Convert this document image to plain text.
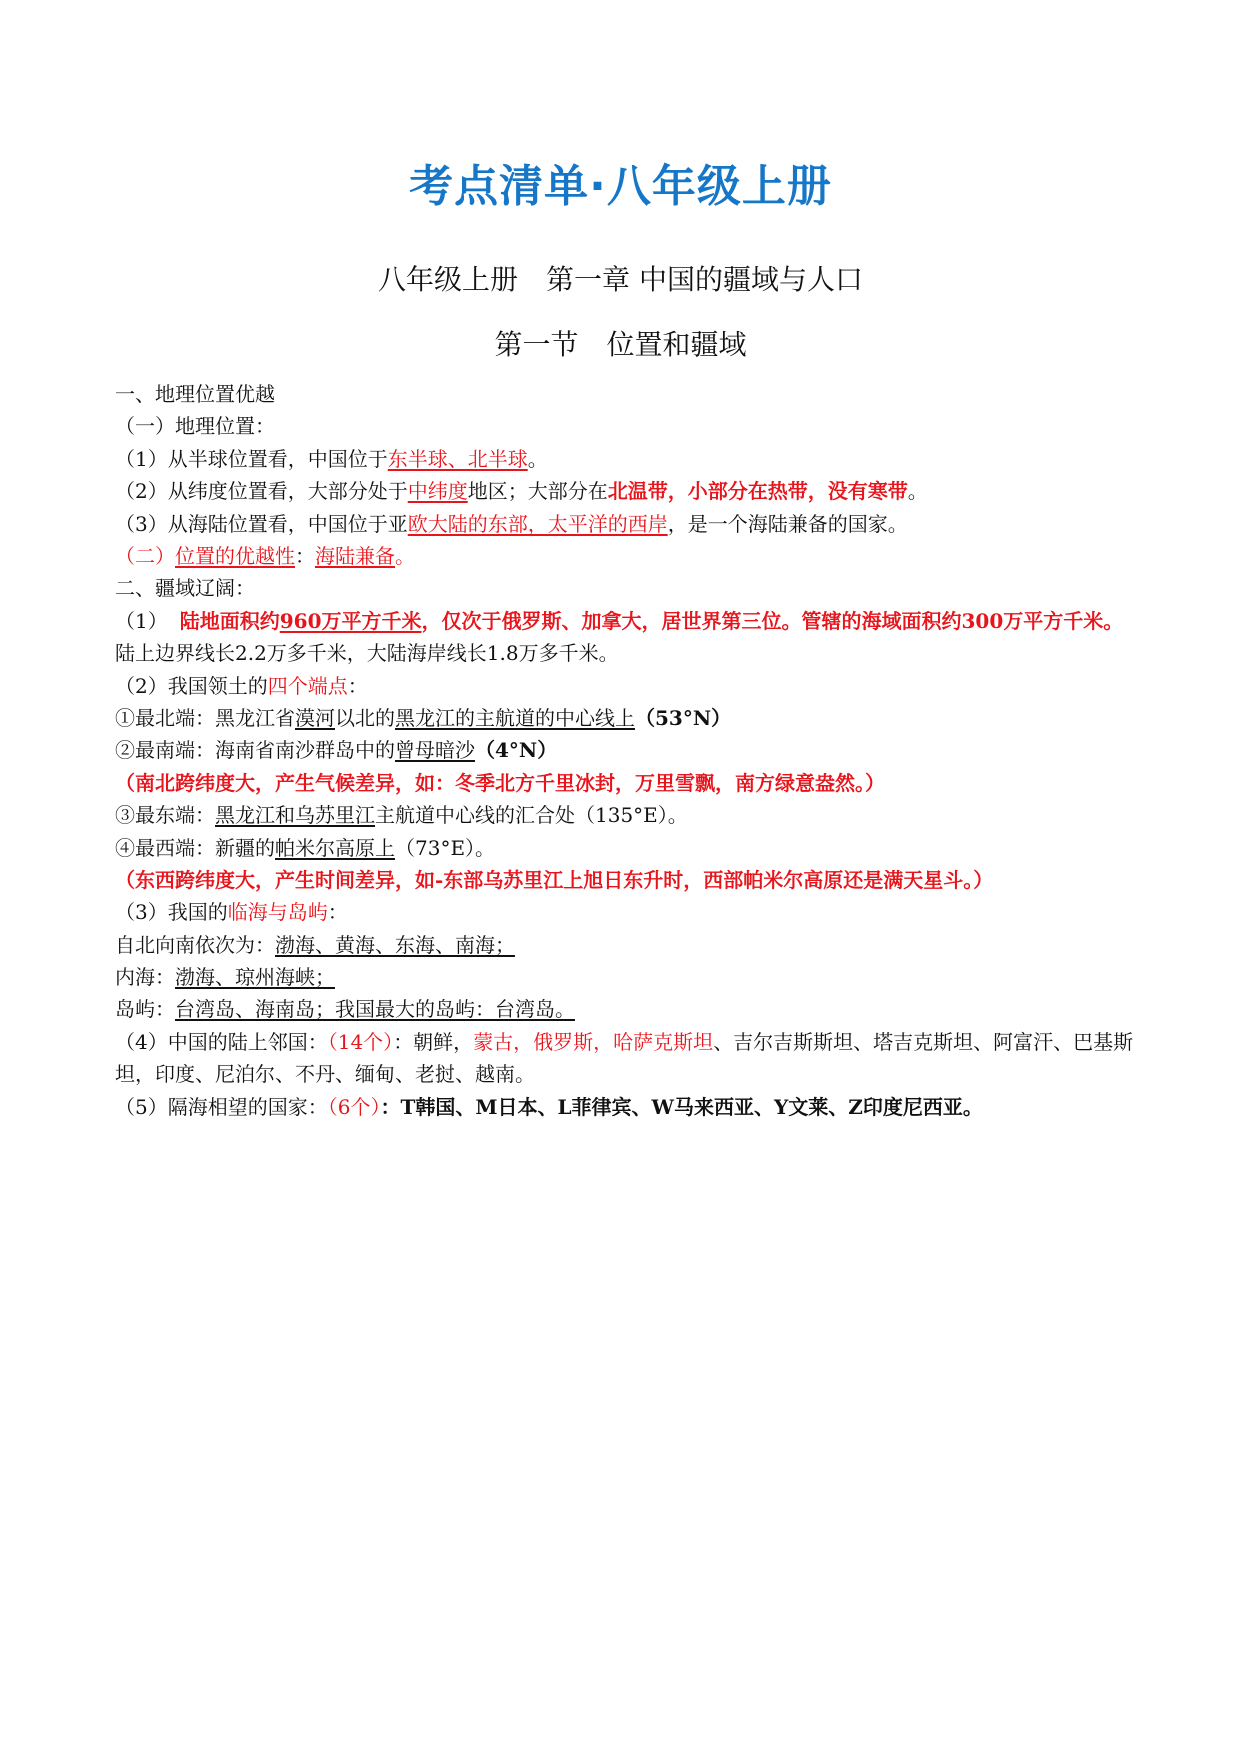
考点清单·八年级上册
八年级上册　第一章 中国的疆域与人口
第一节　位置和疆域
一、地理位置优越
（一）地理位置：
（1）从半球位置看，中国位于东半球、北半球。
（2）从纬度位置看，大部分处于中纬度地区；大部分在北温带，小部分在热带，没有寒带。
（3）从海陆位置看，中国位于亚欧大陆的东部，太平洋的西岸，是一个海陆兼备的国家。
（二）位置的优越性：海陆兼备。
二、疆域辽阔：
（1） 陆地面积约960万平方千米，仅次于俄罗斯、加拿大，居世界第三位。管辖的海域面积约300万平方千米。陆上边界线长2.2万多千米，大陆海岸线长1.8万多千米。
（2）我国领土的四个端点：
①最北端：黑龙江省漠河以北的黑龙江的主航道的中心线上（53°N）
②最南端：海南省南沙群岛中的曾母暗沙（4°N）
（南北跨纬度大，产生气候差异，如：冬季北方千里冰封，万里雪飘，南方绿意盎然。）
③最东端：黑龙江和乌苏里江主航道中心线的汇合处（135°E）。
④最西端：新疆的帕米尔高原上（73°E）。
（东西跨纬度大，产生时间差异，如-东部乌苏里江上旭日东升时，西部帕米尔高原还是满天星斗。）
（3）我国的临海与岛屿：
自北向南依次为：渤海、黄海、东海、南海；
内海：渤海、琼州海峡；
岛屿：台湾岛、海南岛；我国最大的岛屿：台湾岛。
（4）中国的陆上邻国：（14个）：朝鲜，蒙古，俄罗斯，哈萨克斯坦、吉尔吉斯斯坦、塔吉克斯坦、阿富汗、巴基斯坦，印度、尼泊尔、不丹、缅甸、老挝、越南。
（5）隔海相望的国家：（6个）：T韩国、M日本、L菲律宾、W马来西亚、Y文莱、Z印度尼西亚。
